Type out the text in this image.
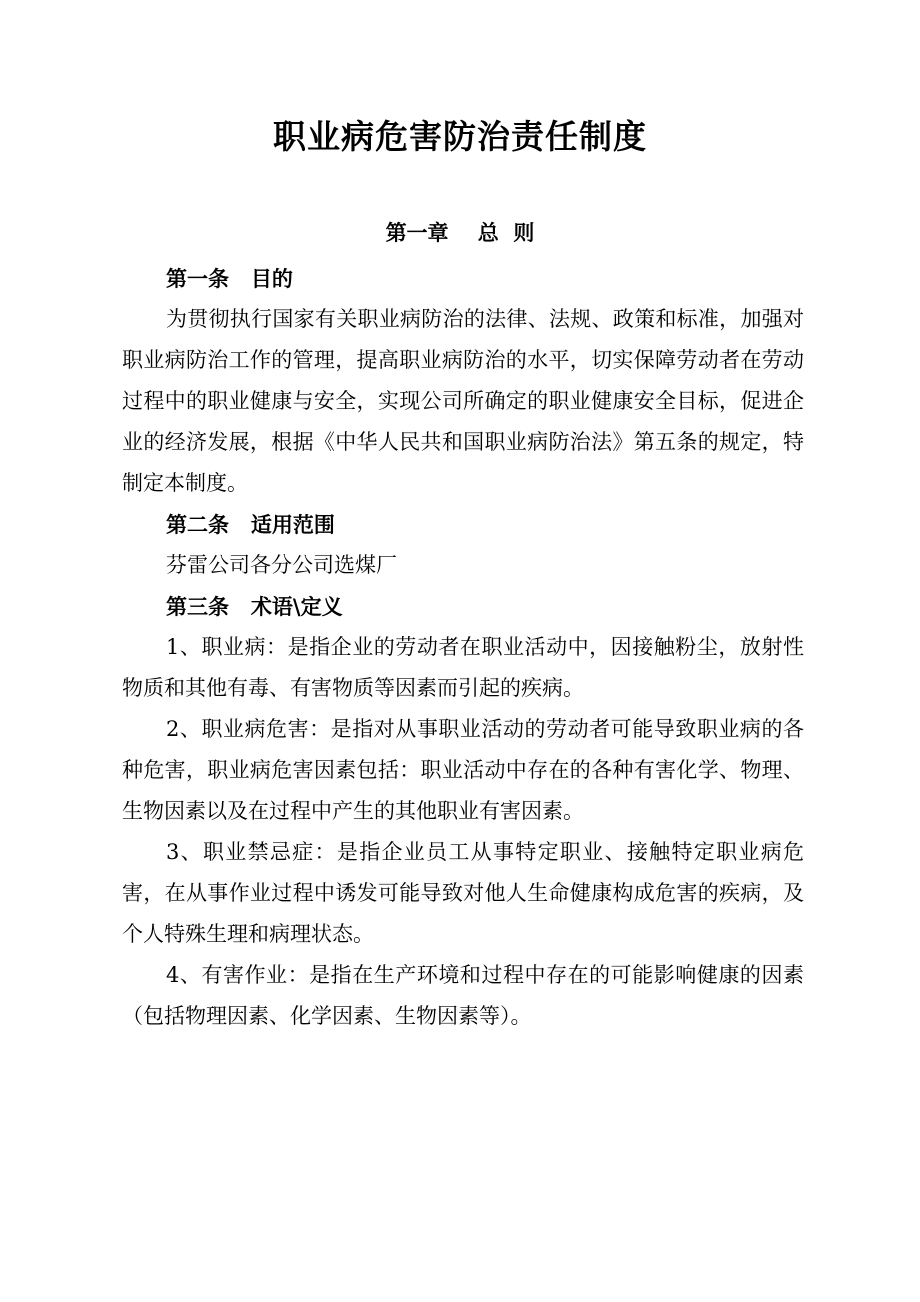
职业病危害防治责任制度
第一章    总  则

第一条   目的

为贯彻执行国家有关职业病防治的法律、法规、政策和标准，加强对职业病防治工作的管理，提高职业病防治的水平，切实保障劳动者在劳动过程中的职业健康与安全，实现公司所确定的职业健康安全目标，促进企业的经济发展，根据《中华人民共和国职业病防治法》第五条的规定，特制定本制度。

第二条   适用范围

芬雷公司各分公司选煤厂

第三条   术语\定义

1、职业病：是指企业的劳动者在职业活动中，因接触粉尘，放射性物质和其他有毒、有害物质等因素而引起的疾病。

2、职业病危害：是指对从事职业活动的劳动者可能导致职业病的各种危害，职业病危害因素包括：职业活动中存在的各种有害化学、物理、生物因素以及在过程中产生的其他职业有害因素。

3、职业禁忌症：是指企业员工从事特定职业、接触特定职业病危害，在从事作业过程中诱发可能导致对他人生命健康构成危害的疾病，及个人特殊生理和病理状态。

4、有害作业：是指在生产环境和过程中存在的可能影响健康的因素（包括物理因素、化学因素、生物因素等）。
